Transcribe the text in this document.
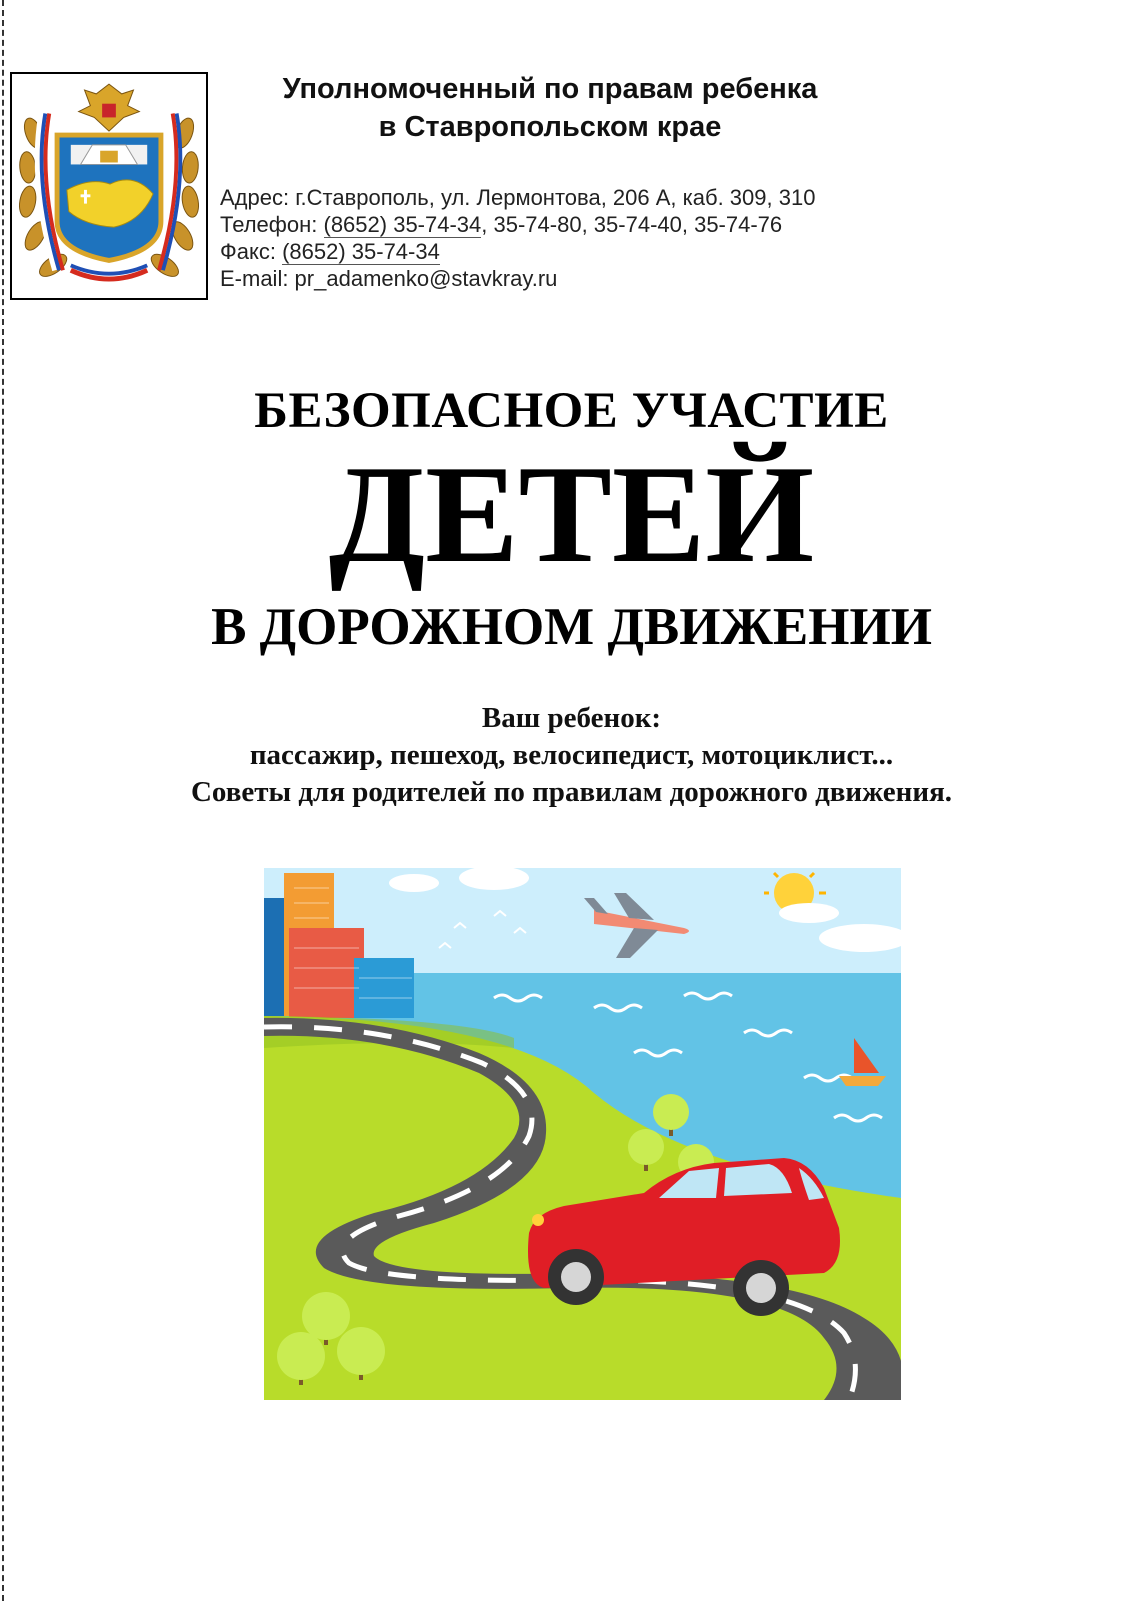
Уполномоченный по правам ребенка
в Ставропольском крае
Адрес: г.Ставрополь, ул. Лермонтова, 206 А, каб. 309, 310
Телефон: (8652) 35-74-34, 35-74-80, 35-74-40, 35-74-76
Факс: (8652) 35-74-34
E-mail: pr_adamenko@stavkray.ru
БЕЗОПАСНОЕ УЧАСТИЕ
ДЕТЕЙ
В ДОРОЖНОМ ДВИЖЕНИИ
Ваш ребенок:
пассажир, пешеход, велосипедист, мотоциклист...
Советы для родителей по правилам дорожного движения.
